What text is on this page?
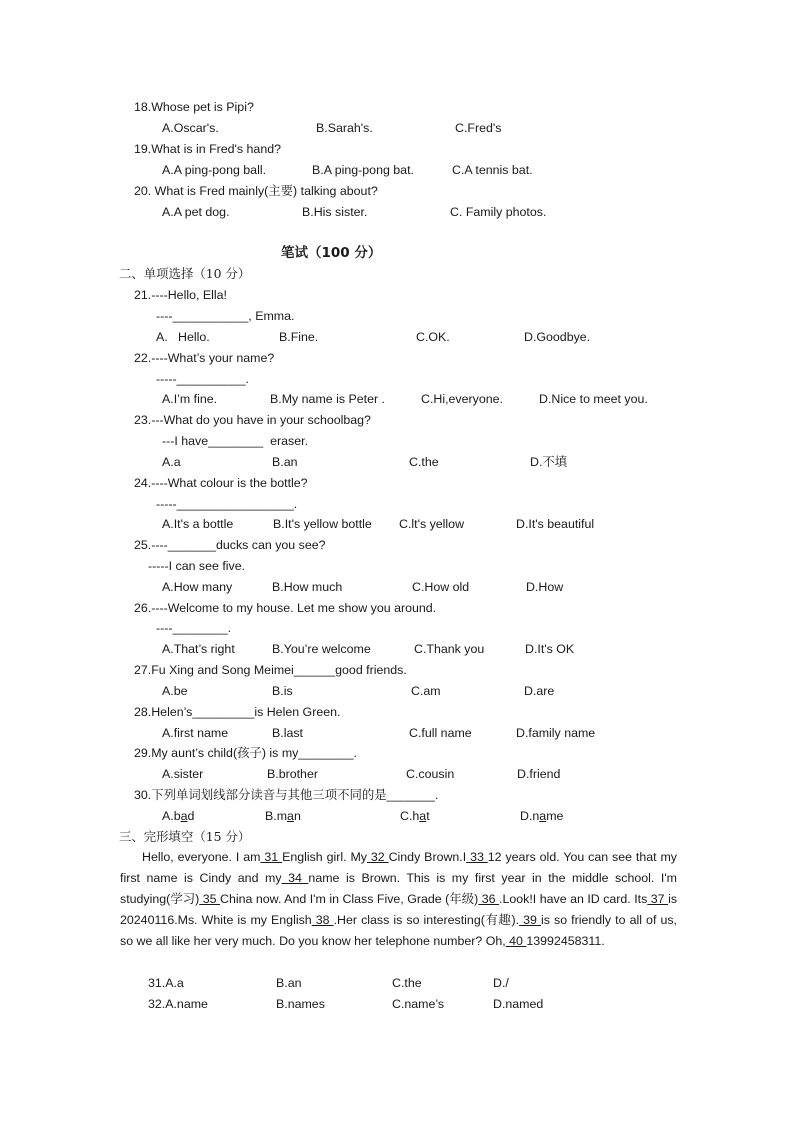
18.Whose pet is Pipi?
A.Oscar's.	B.Sarah's.	C.Fred's
19.What is in Fred's hand?
A.A ping-pong ball.	B.A ping-pong bat.	C.A tennis bat.
20. What is Fred mainly(主要) talking about?
A.A pet dog.	B.His sister.	C. Family photos.
笔试（100 分）
二、单项选择（10 分）
21.----Hello, Ella!
----___________, Emma.
A.   Hello.	B.Fine.	C.OK.	D.Goodbye.
22.----What’s your name?
-----__________.
A.I’m fine.	B.My name is Peter .	C.Hi,everyone.	D.Nice to meet you.
23.---What do you have in your schoolbag?
---I have________  eraser.
A.a	B.an	C.the	D.不填
24.----What colour is the bottle?
-----_________________.
A.It's a bottle	B.It's yellow bottle C.lt's yellow	D.It's beautiful
25.----_______ducks can you see?
-----I can see five.
A.How many	B.How much	C.How old	D.How
26.----Welcome to my house. Let me show you around.
----________.
A.That’s right	B.You’re welcome	C.Thank you	D.It's OK
27.Fu Xing and Song Meimei______good friends.
A.be	B.is	C.am	D.are
28.Helen’s_________is Helen Green.
A.first name	B.last	C.full name	D.family name
29.My aunt’s child(孩子) is my________.
A.sister	B.brother	C.cousin	D.friend
30.下列单词划线部分读音与其他三项不同的是_______.
A.bad	B.man	C.hat	D.name
三、完形填空（15 分）
Hello, everyone. I am 31 English girl. My 32 Cindy Brown.I 33 12 years old. You can see that my first name is Cindy and my 34 name is Brown. This is my first year in the middle school. I'm studying(学习) 35 China now. And I'm in Class Five, Grade (年级) 36 .Look!I have an ID card. Its 37 is 20240116.Ms. White is my English 38 .Her class is so interesting(有趣). 39 is so friendly to all of us, so we all like her very much. Do you know her telephone number? Oh, 40 13992458311.
31.A.a	B.an	C.the	D./
32.A.name	B.names	C.name’s	D.named
